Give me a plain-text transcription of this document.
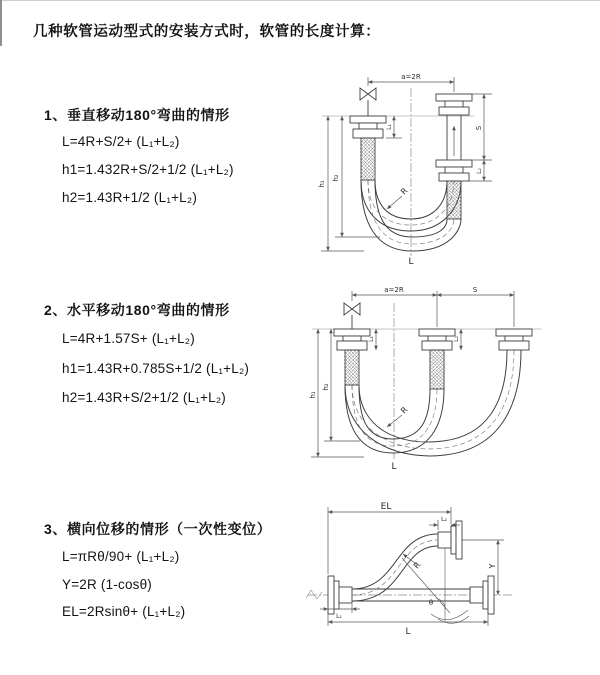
几种软管运动型式的安装方式时，软管的长度计算：
1、垂直移动180°弯曲的情形
L=4R+S/2+ (L₁+L₂)
h1=1.432R+S/2+1/2 (L₁+L₂)
h2=1.43R+1/2 (L₁+L₂)
2、水平移动180°弯曲的情形
L=4R+1.57S+ (L₁+L₂)
h1=1.43R+0.785S+1/2 (L₁+L₂)
h2=1.43R+S/2+1/2 (L₁+L₂)
3、横向位移的情形（一次性变位）
L=πRθ/90+ (L₁+L₂)
Y=2R (1-cosθ)
EL=2Rsinθ+ (L₁+L₂)
a=2R
h₁
h₂
L₁	S
L₂
R
L
a=2R	S
h₁
h₂
L₁	L₂
R
L
EL
L₂
Y
R
θ
L₁
L
